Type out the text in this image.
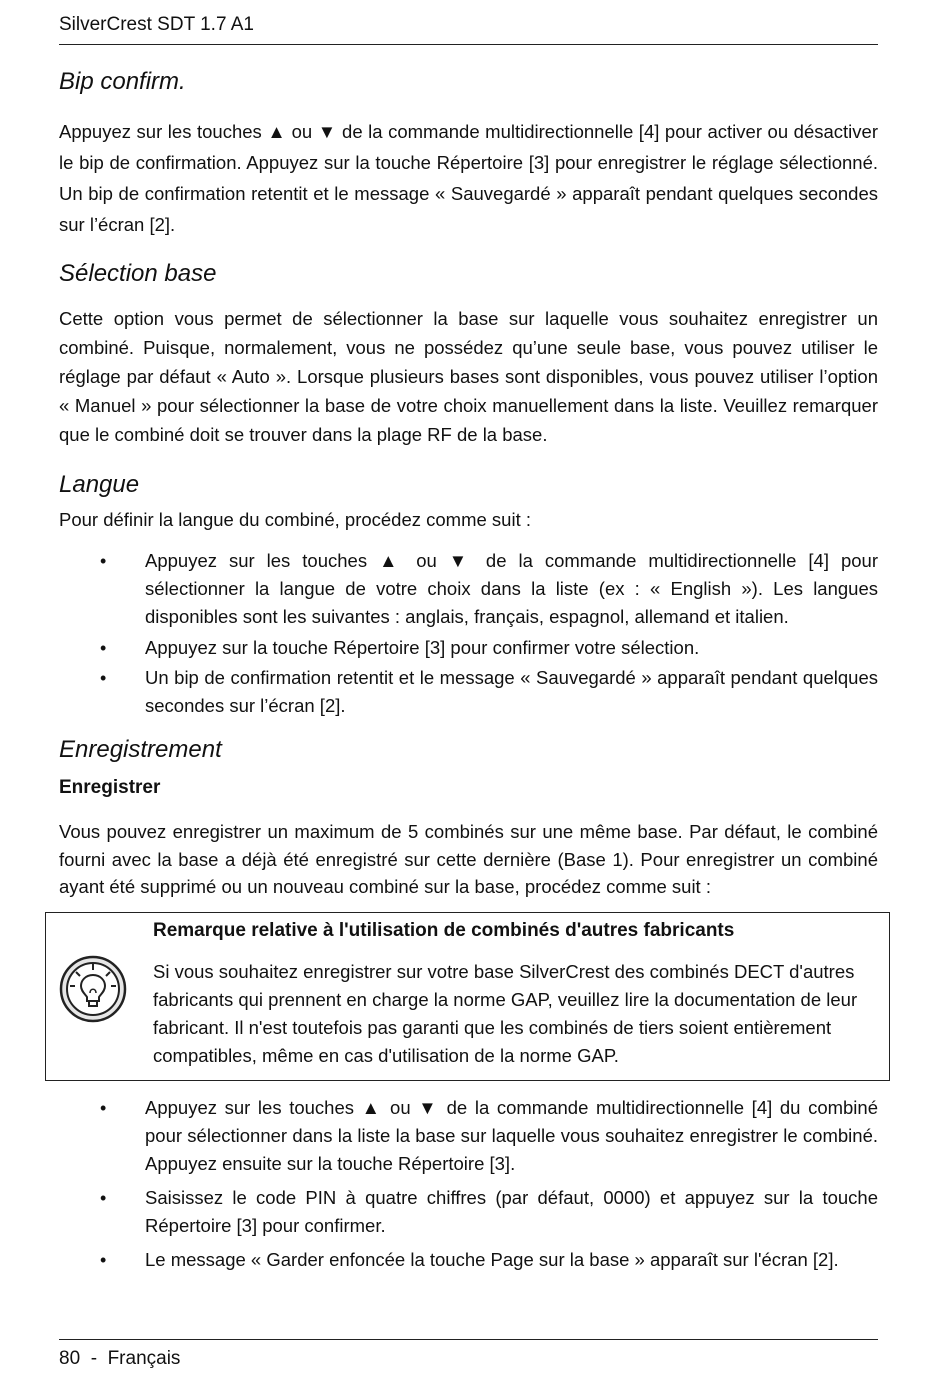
SilverCrest SDT 1.7 A1
Bip confirm.

Appuyez sur les touches ▲ ou ▼ de la commande multidirectionnelle [4] pour activer ou désactiver le bip de confirmation. Appuyez sur la touche Répertoire [3] pour enregistrer le réglage sélectionné. Un bip de confirmation retentit et le message « Sauvegardé » apparaît pendant quelques secondes sur l’écran [2].

Sélection base

Cette option vous permet de sélectionner la base sur laquelle vous souhaitez enregistrer un combiné. Puisque, normalement, vous ne possédez qu’une seule base, vous pouvez utiliser le réglage par défaut « Auto ». Lorsque plusieurs bases sont disponibles, vous pouvez utiliser l’option « Manuel » pour sélectionner la base de votre choix manuellement dans la liste. Veuillez remarquer que le combiné doit se trouver dans la plage RF de la base.

Langue

Pour définir la langue du combiné, procédez comme suit :

• Appuyez sur les touches ▲ ou ▼ de la commande multidirectionnelle [4] pour sélectionner la langue de votre choix dans la liste (ex : « English »). Les langues disponibles sont les suivantes : anglais, français, espagnol, allemand et italien.
• Appuyez sur la touche Répertoire [3] pour confirmer votre sélection.
• Un bip de confirmation retentit et le message « Sauvegardé » apparaît pendant quelques secondes sur l’écran [2].
Enregistrement
Enregistrer

Vous pouvez enregistrer un maximum de 5 combinés sur une même base. Par défaut, le combiné fourni avec la base a déjà été enregistré sur cette dernière (Base 1). Pour enregistrer un combiné ayant été supprimé ou un nouveau combiné sur la base, procédez comme suit :

Remarque relative à l'utilisation de combinés d'autres fabricants

Si vous souhaitez enregistrer sur votre base SilverCrest des combinés DECT d'autres fabricants qui prennent en charge la norme GAP, veuillez lire la documentation de leur fabricant. Il n'est toutefois pas garanti que les combinés de tiers soient entièrement compatibles, même en cas d'utilisation de la norme GAP.

• Appuyez sur les touches ▲ ou ▼ de la commande multidirectionnelle [4] du combiné pour sélectionner dans la liste la base sur laquelle vous souhaitez enregistrer le combiné. Appuyez ensuite sur la touche Répertoire [3].
• Saisissez le code PIN à quatre chiffres (par défaut, 0000) et appuyez sur la touche Répertoire [3] pour confirmer.
• Le message « Garder enfoncée la touche Page sur la base » apparaît sur l'écran [2].
80  -  Français
